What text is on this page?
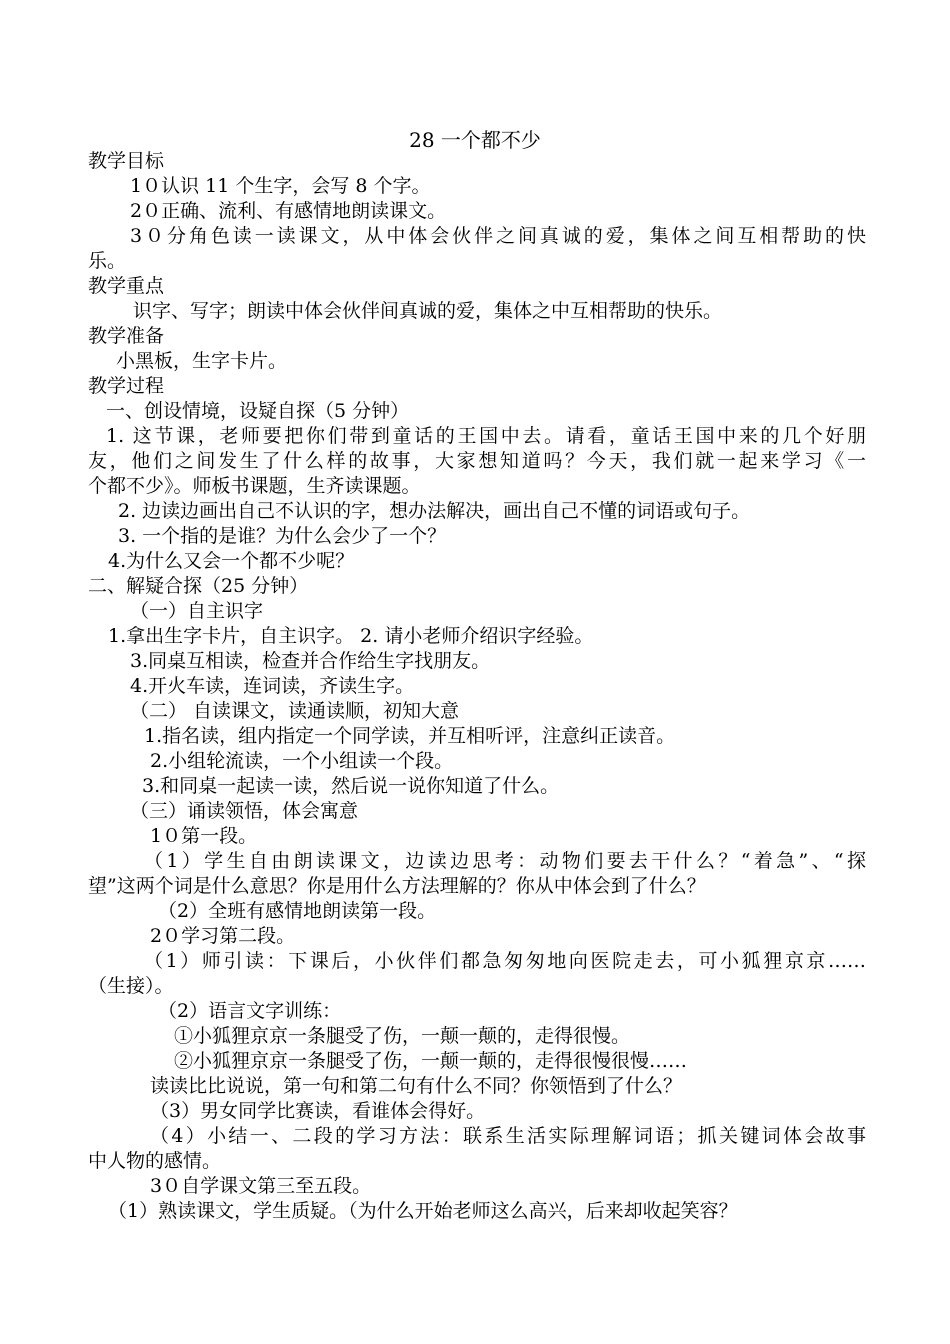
28 一个都不少
教学目标
1０认识 11 个生字，会写 8 个字。
2０正确、流利、有感情地朗读课文。
3０分角色读一读课文，从中体会伙伴之间真诚的爱，集体之间互相帮助的快
乐。
教学重点
识字、写字；朗读中体会伙伴间真诚的爱，集体之中互相帮助的快乐。
教学准备
小黑板，生字卡片。
教学过程
一、创设情境，设疑自探（5 分钟）
1. 这节课，老师要把你们带到童话的王国中去。请看，童话王国中来的几个好朋
友，他们之间发生了什么样的故事，大家想知道吗？今天，我们就一起来学习《一
个都不少》。师板书课题，生齐读课题。
2. 边读边画出自己不认识的字，想办法解决，画出自己不懂的词语或句子。
3. 一个指的是谁？为什么会少了一个？
4.为什么又会一个都不少呢？
二、解疑合探（25 分钟）
（一）自主识字
1.拿出生字卡片，自主识字。 2. 请小老师介绍识字经验。
3.同桌互相读，检查并合作给生字找朋友。
4.开火车读，连词读，齐读生字。
（二） 自读课文，读通读顺，初知大意
1.指名读，组内指定一个同学读，并互相听评，注意纠正读音。
2.小组轮流读，一个小组读一个段。
3.和同桌一起读一读，然后说一说你知道了什么。
（三）诵读领悟，体会寓意
1０第一段。
（1）学生自由朗读课文，边读边思考：动物们要去干什么？“着急”、“探
望”这两个词是什么意思？你是用什么方法理解的？你从中体会到了什么？
（2）全班有感情地朗读第一段。
2０学习第二段。
（1）师引读：下课后，小伙伴们都急匆匆地向医院走去，可小狐狸京京……
（生接）。
（2）语言文字训练：
①小狐狸京京一条腿受了伤，一颠一颠的，走得很慢。
②小狐狸京京一条腿受了伤，一颠一颠的，走得很慢很慢……
读读比比说说，第一句和第二句有什么不同？你领悟到了什么？
（3）男女同学比赛读，看谁体会得好。
（4）小结一、二段的学习方法：联系生活实际理解词语；抓关键词体会故事
中人物的感情。
3０自学课文第三至五段。
（1）熟读课文，学生质疑。（为什么开始老师这么高兴，后来却收起笑容？
